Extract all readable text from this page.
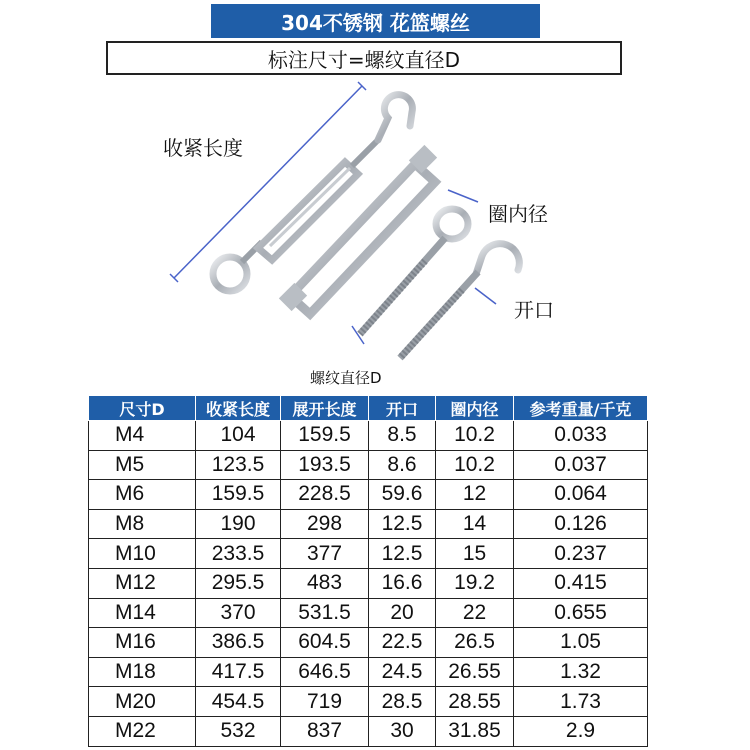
304不锈钢 花篮螺丝
标注尺寸=螺纹直径D
收紧长度
圈内径
开口
螺纹直径D
尺寸D	收紧长度	展开长度	开口	圈内径	参考重量/千克
M4	104	159.5	8.5	10.2	0.033
M5	123.5	193.5	8.6	10.2	0.037
M6	159.5	228.5	59.6	12	0.064
M8	190	298	12.5	14	0.126
M10	233.5	377	12.5	15	0.237
M12	295.5	483	16.6	19.2	0.415
M14	370	531.5	20	22	0.655
M16	386.5	604.5	22.5	26.5	1.05
M18	417.5	646.5	24.5	26.55	1.32
M20	454.5	719	28.5	28.55	1.73
M22	532	837	30	31.85	2.9
